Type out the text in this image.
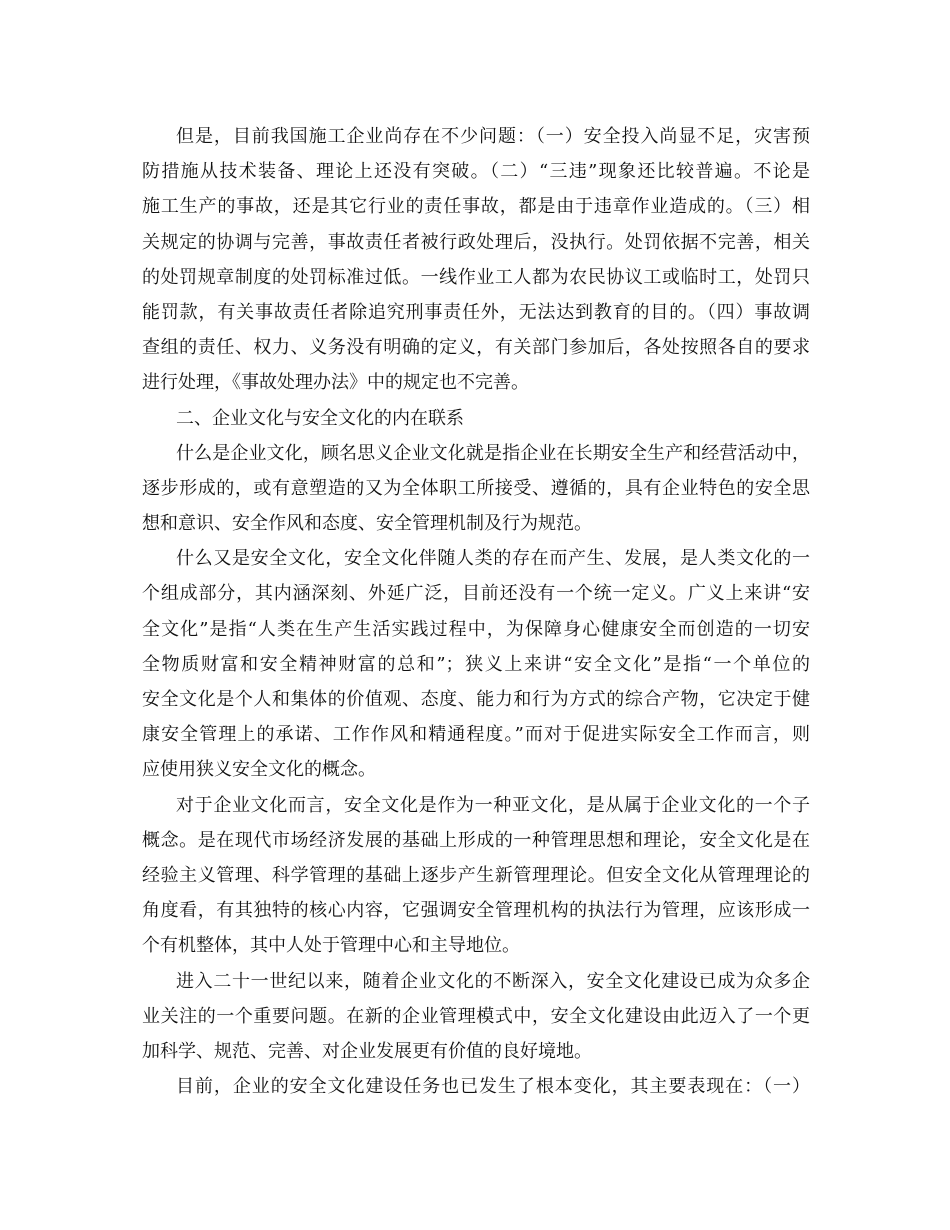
但是，目前我国施工企业尚存在不少问题：（一）安全投入尚显不足，灾害预
防措施从技术装备、理论上还没有突破。（二）“三违”现象还比较普遍。不论是
施工生产的事故，还是其它行业的责任事故，都是由于违章作业造成的。（三）相
关规定的协调与完善，事故责任者被行政处理后，没执行。处罚依据不完善，相关
的处罚规章制度的处罚标准过低。一线作业工人都为农民协议工或临时工，处罚只
能罚款，有关事故责任者除追究刑事责任外，无法达到教育的目的。（四）事故调
查组的责任、权力、义务没有明确的定义，有关部门参加后，各处按照各自的要求
进行处理，《事故处理办法》中的规定也不完善。
二、企业文化与安全文化的内在联系
什么是企业文化，顾名思义企业文化就是指企业在长期安全生产和经营活动中，
逐步形成的，或有意塑造的又为全体职工所接受、遵循的，具有企业特色的安全思
想和意识、安全作风和态度、安全管理机制及行为规范。
什么又是安全文化，安全文化伴随人类的存在而产生、发展，是人类文化的一
个组成部分，其内涵深刻、外延广泛，目前还没有一个统一定义。广义上来讲“安
全文化”是指“人类在生产生活实践过程中，为保障身心健康安全而创造的一切安
全物质财富和安全精神财富的总和”；狭义上来讲“安全文化”是指“一个单位的
安全文化是个人和集体的价值观、态度、能力和行为方式的综合产物，它决定于健
康安全管理上的承诺、工作作风和精通程度。”而对于促进实际安全工作而言，则
应使用狭义安全文化的概念。
对于企业文化而言，安全文化是作为一种亚文化，是从属于企业文化的一个子
概念。是在现代市场经济发展的基础上形成的一种管理思想和理论，安全文化是在
经验主义管理、科学管理的基础上逐步产生新管理理论。但安全文化从管理理论的
角度看，有其独特的核心内容，它强调安全管理机构的执法行为管理，应该形成一
个有机整体，其中人处于管理中心和主导地位。
进入二十一世纪以来，随着企业文化的不断深入，安全文化建设已成为众多企
业关注的一个重要问题。在新的企业管理模式中，安全文化建设由此迈入了一个更
加科学、规范、完善、对企业发展更有价值的良好境地。
目前，企业的安全文化建设任务也已发生了根本变化，其主要表现在：（一）
